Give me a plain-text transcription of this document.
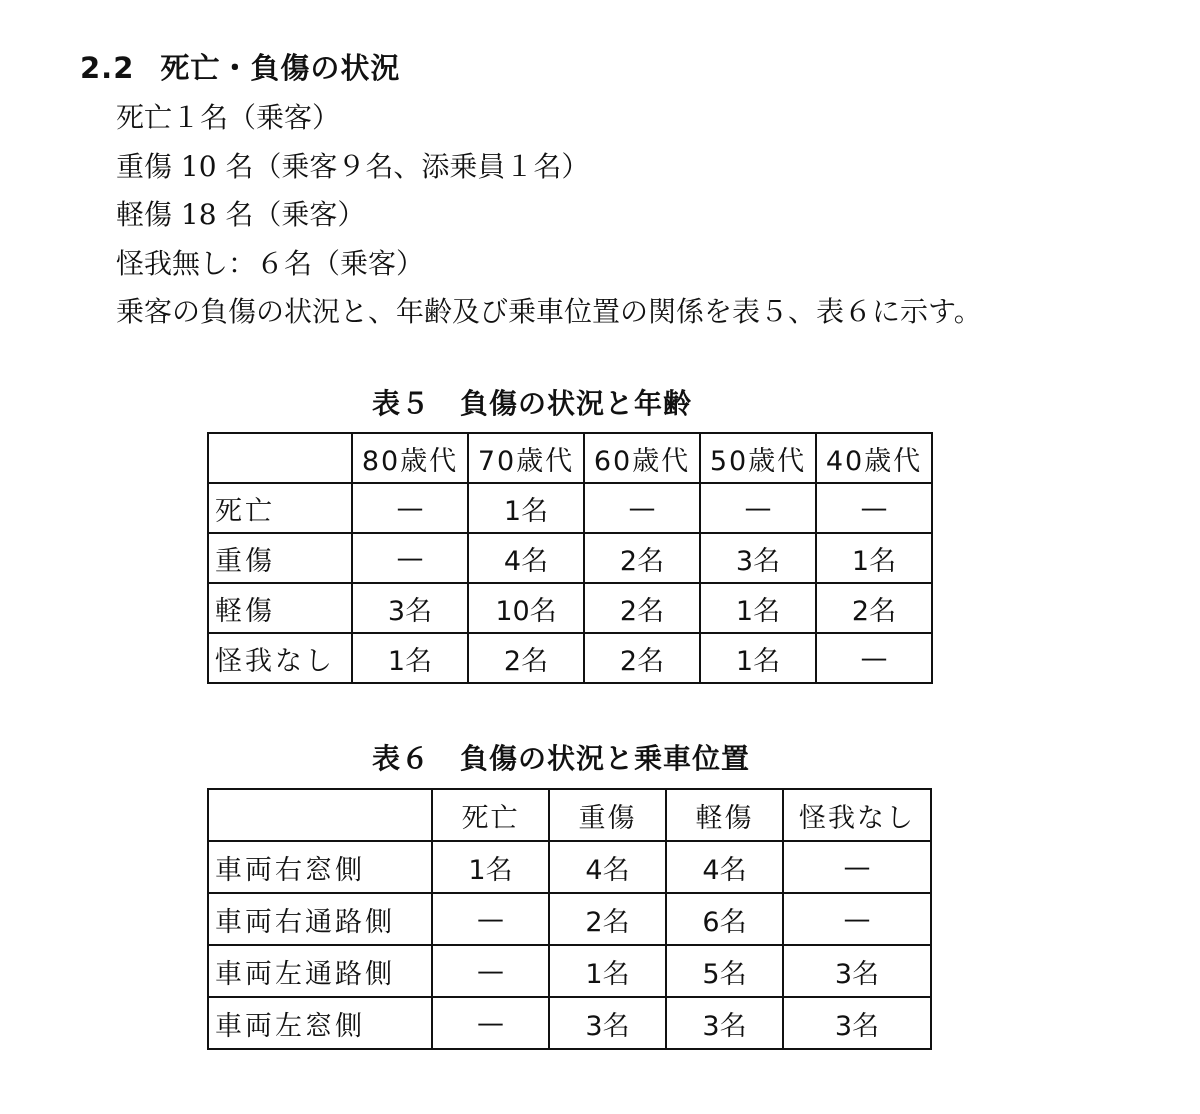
2.2 死亡・負傷の状況
死亡１名（乗客）
重傷 10 名（乗客９名、添乗員１名）
軽傷 18 名（乗客）
怪我無し：６名（乗客）
乗客の負傷の状況と、年齢及び乗車位置の関係を表５、表６に示す。
表５ 負傷の状況と年齢
	80歳代	70歳代	60歳代	50歳代	40歳代
死亡	—	1名	—	—	—
重傷	—	4名	2名	3名	1名
軽傷	3名	10名	2名	1名	2名
怪我なし	1名	2名	2名	1名	—
表６ 負傷の状況と乗車位置
	死亡	重傷	軽傷	怪我なし
車両右窓側	1名	4名	4名	—
車両右通路側	—	2名	6名	—
車両左通路側	—	1名	5名	3名
車両左窓側	—	3名	3名	3名
